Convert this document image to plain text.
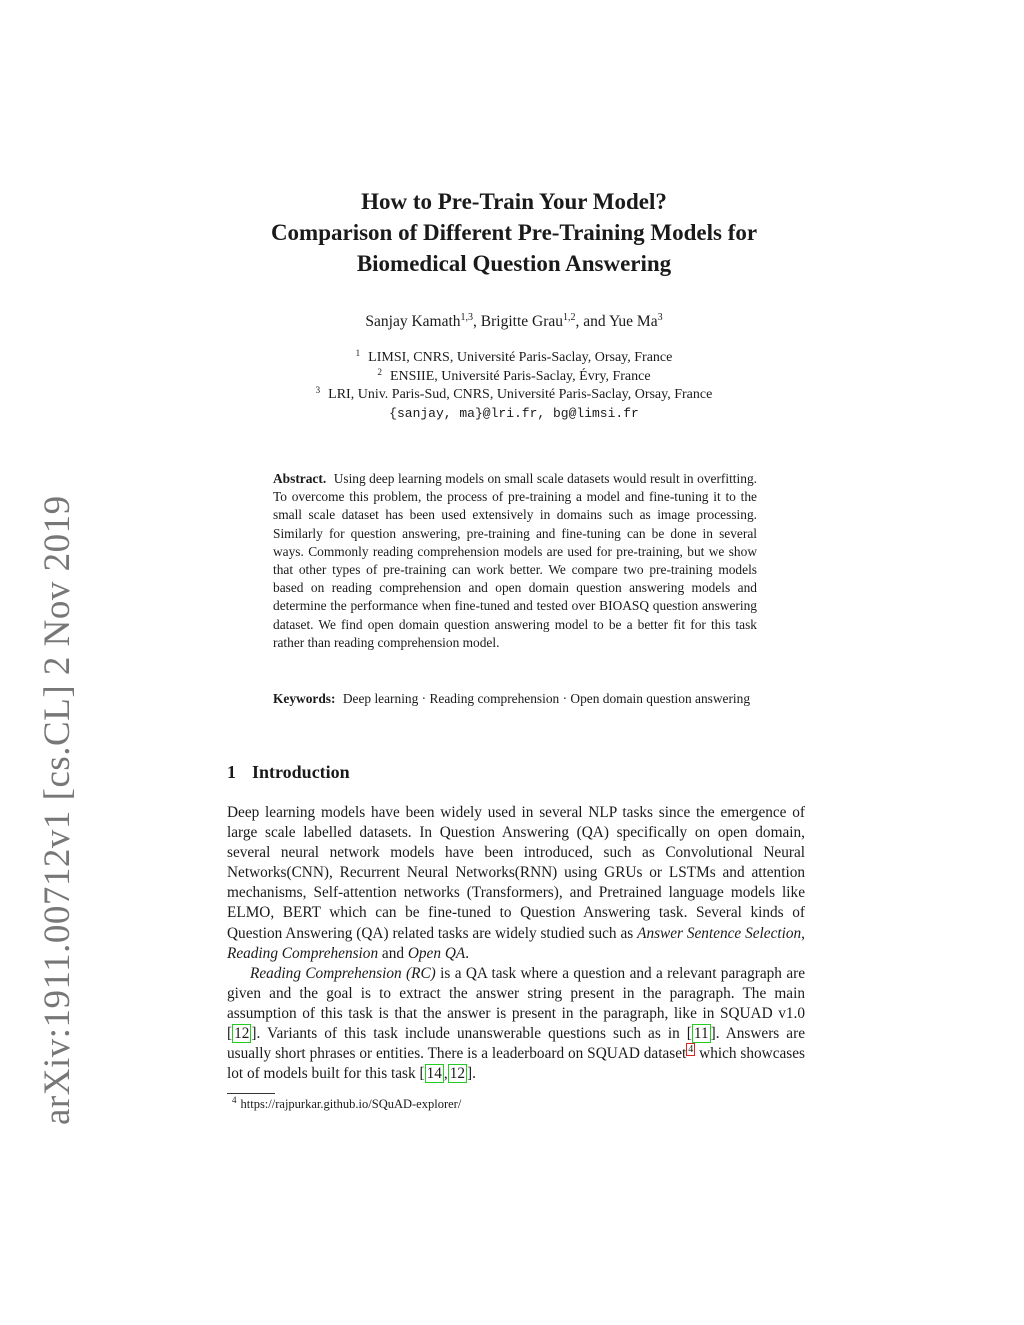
arXiv:1911.00712v1 [cs.CL] 2 Nov 2019
How to Pre-Train Your Model?
Comparison of Different Pre-Training Models for
Biomedical Question Answering
Sanjay Kamath$^{1,3}$, Brigitte Grau$^{1,2}$, and Yue Ma$^3$
$^1$ LIMSI, CNRS, Université Paris-Saclay, Orsay, France
$^2$ ENSIIE, Université Paris-Saclay, Évry, France
$^3$ LRI, Univ. Paris-Sud, CNRS, Université Paris-Saclay, Orsay, France
{sanjay, ma}@lri.fr, bg@limsi.fr
Abstract. Using deep learning models on small scale datasets would result in overfitting. To overcome this problem, the process of pre-training a model and fine-tuning it to the small scale dataset has been used extensively in domains such as image processing. Similarly for question answering, pre-training and fine-tuning can be done in several ways. Commonly reading comprehension models are used for pre-training, but we show that other types of pre-training can work better. We compare two pre-training models based on reading comprehension and open domain question answering models and determine the performance when fine-tuned and tested over BIOASQ question answering dataset. We find open domain question answering model to be a better fit for this task rather than reading comprehension model.
Keywords: Deep learning · Reading comprehension · Open domain question answering
1 Introduction

Deep learning models have been widely used in several NLP tasks since the emergence of large scale labelled datasets. In Question Answering (QA) specifically on open domain, several neural network models have been introduced, such as Convolutional Neural Networks(CNN), Recurrent Neural Networks(RNN) using GRUs or LSTMs and attention mechanisms, Self-attention networks (Transformers), and Pretrained language models like ELMO, BERT which can be fine-tuned to Question Answering task. Several kinds of Question Answering (QA) related tasks are widely studied such as Answer Sentence Selection, Reading Comprehension and Open QA.

Reading Comprehension (RC) is a QA task where a question and a relevant paragraph are given and the goal is to extract the answer string present in the paragraph. The main assumption of this task is that the answer is present in the paragraph, like in SQUAD v1.0 [ 12 ]. Variants of this task include unanswerable questions such as in [ 11 ]. Answers are usually short phrases or entities. There is a leaderboard on SQUAD dataset $^4$ which showcases lot of models built for this task [ 14 , 12 ].

$^4$ https://rajpurkar.github.io/SQuAD-explorer/
